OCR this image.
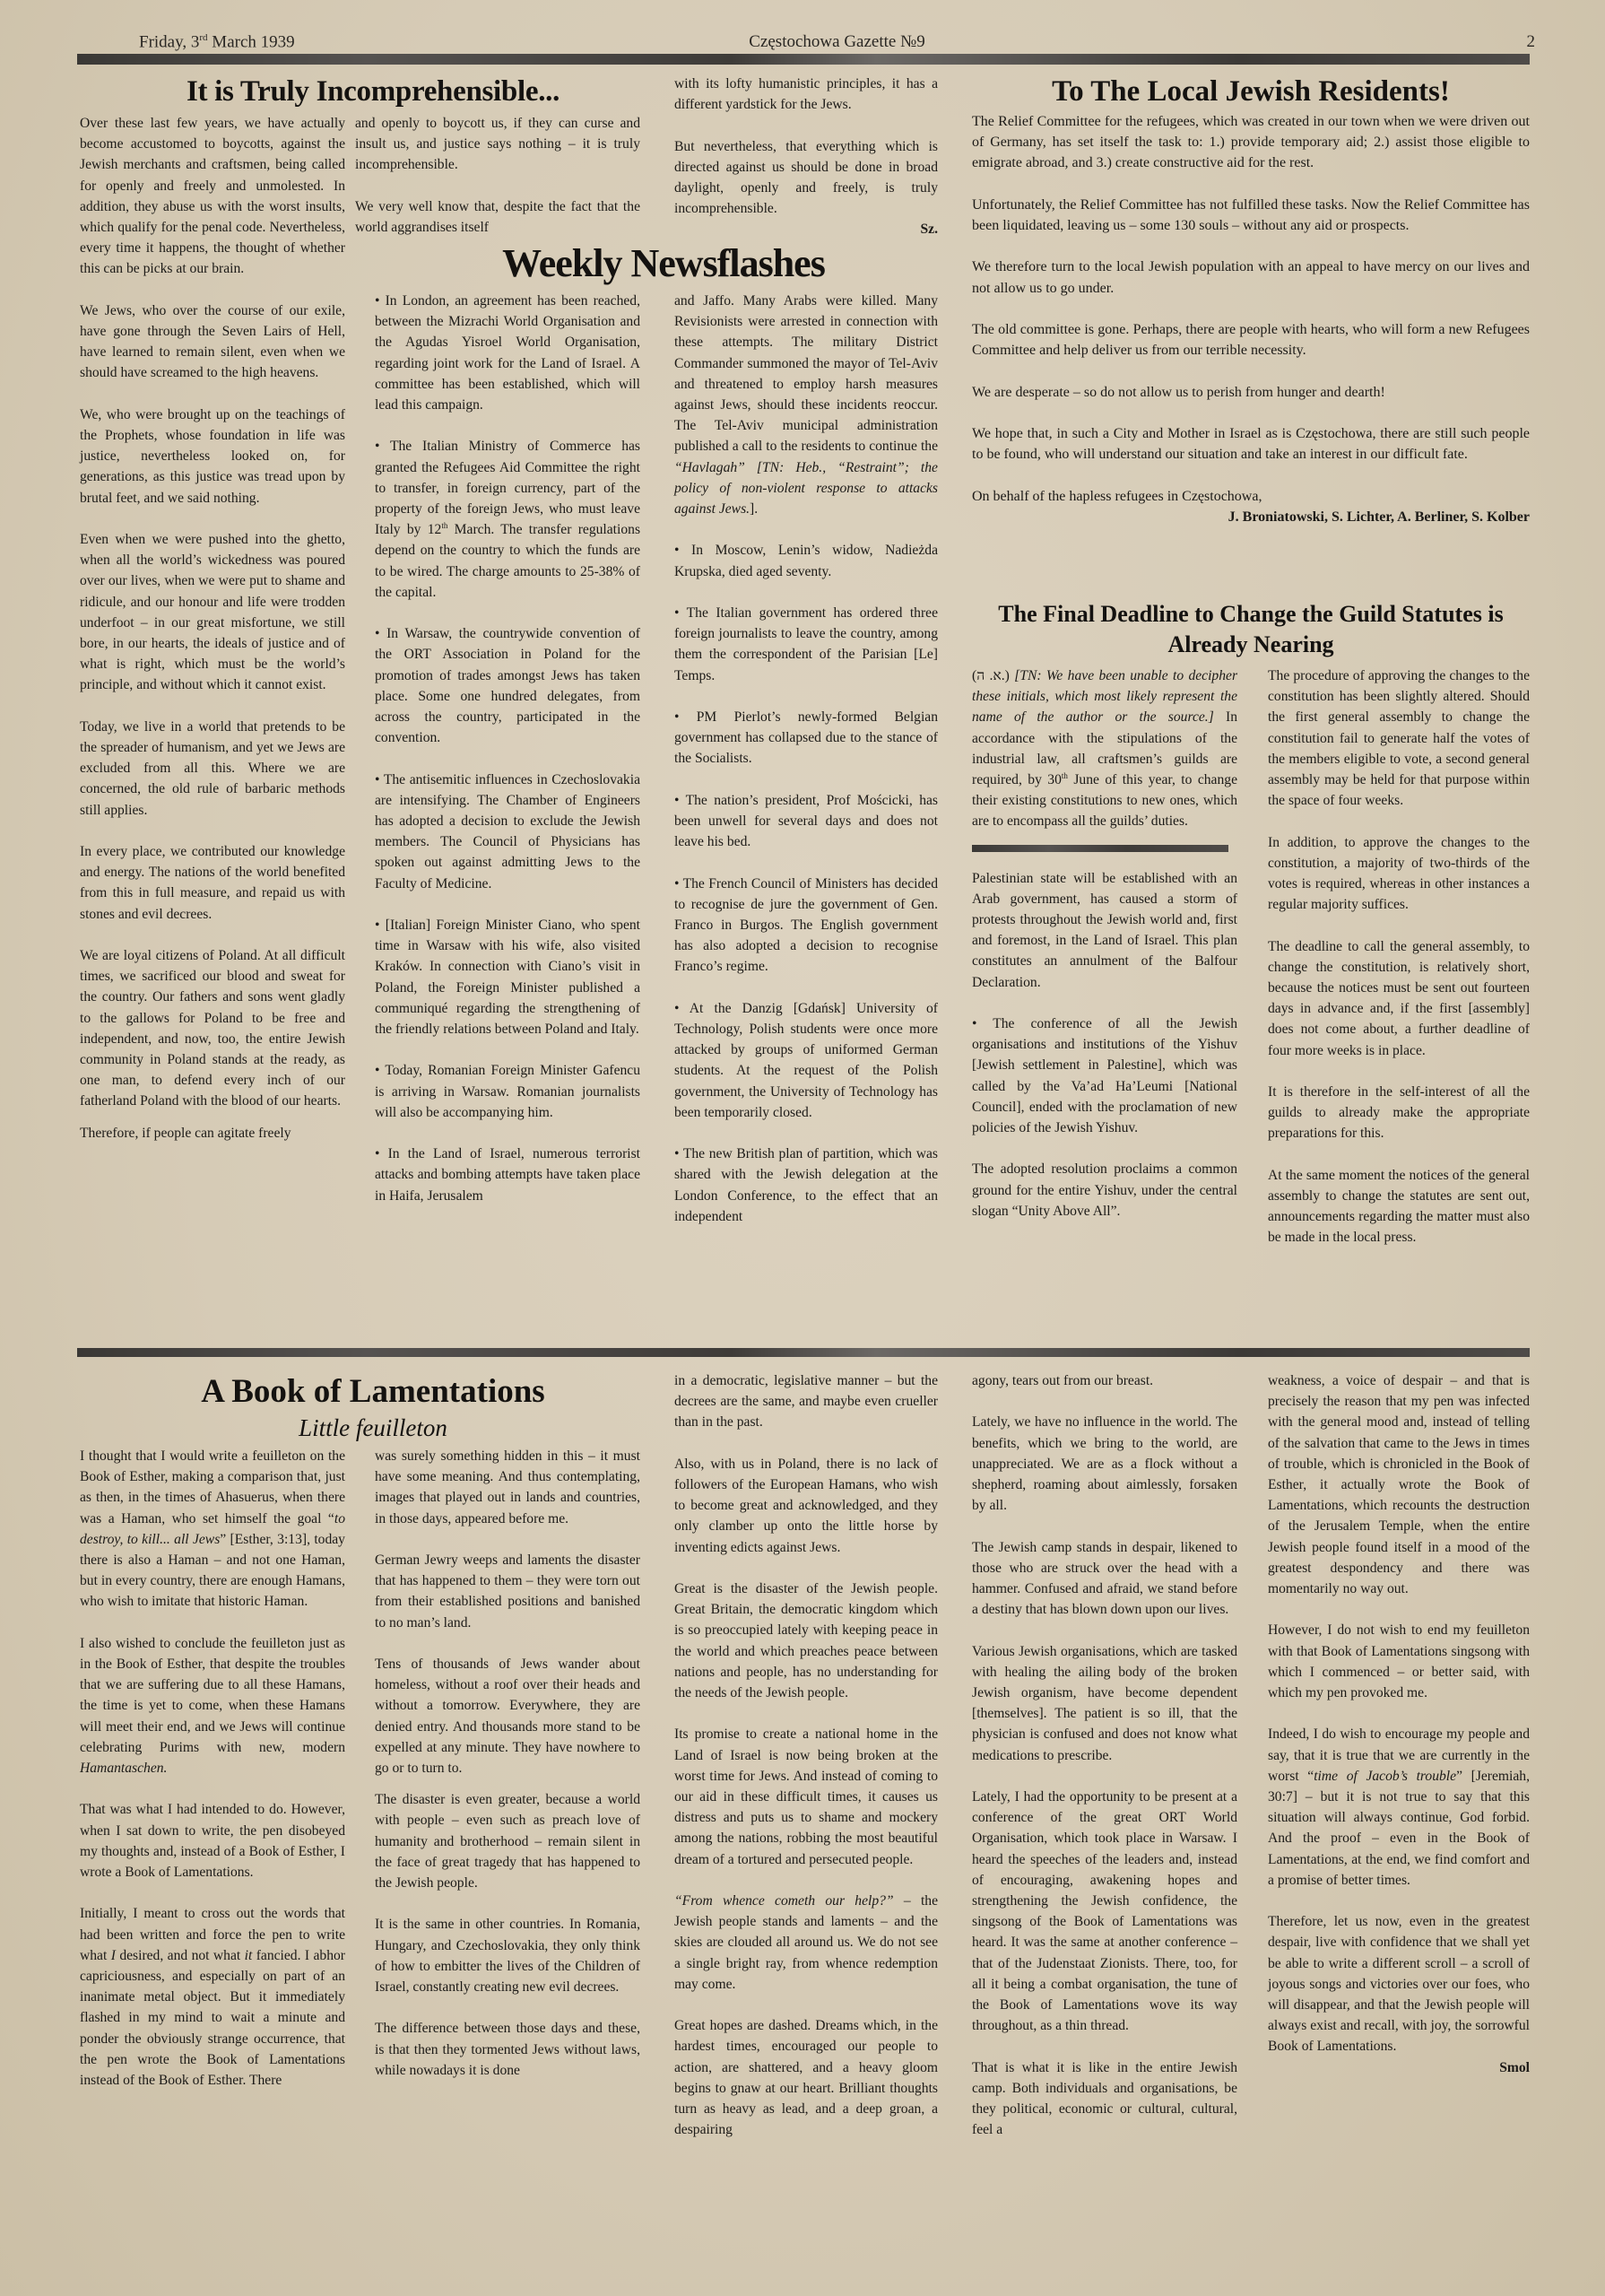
Friday, 3rd March 1939	Częstochowa Gazette №9	2
It is Truly Incomprehensible...

Over these last few years, we have actually become accustomed to boycotts, against the Jewish merchants and craftsmen, being called for openly and freely and unmolested. In addition, they abuse us with the worst insults, which qualify for the penal code. Nevertheless, every time it happens, the thought of whether this can be picks at our brain.

We Jews, who over the course of our exile, have gone through the Seven Lairs of Hell, have learned to remain silent, even when we should have screamed to the high heavens.

We, who were brought up on the teachings of the Prophets, whose foundation in life was justice, nevertheless looked on, for generations, as this justice was tread upon by brutal feet, and we said nothing.

Even when we were pushed into the ghetto, when all the world’s wickedness was poured over our lives, when we were put to shame and ridicule, and our honour and life were trodden underfoot – in our great misfortune, we still bore, in our hearts, the ideals of justice and of what is right, which must be the world’s principle, and without which it cannot exist.

Today, we live in a world that pretends to be the spreader of humanism, and yet we Jews are excluded from all this. Where we are concerned, the old rule of barbaric methods still applies.

In every place, we contributed our knowledge and energy. The nations of the world benefited from this in full measure, and repaid us with stones and evil decrees.

We are loyal citizens of Poland. At all difficult times, we sacrificed our blood and sweat for the country. Our fathers and sons went gladly to the gallows for Poland to be free and independent, and now, too, the entire Jewish community in Poland stands at the ready, as one man, to defend every inch of our fatherland Poland with the blood of our hearts.

Therefore, if people can agitate freely

and openly to boycott us, if they can curse and insult us, and justice says nothing – it is truly incomprehensible.

We very well know that, despite the fact that the world aggrandises itself

with its lofty humanistic principles, it has a different yardstick for the Jews.

But nevertheless, that everything which is directed against us should be done in broad daylight, openly and freely, is truly incomprehensible.

Sz.
Weekly Newsflashes

• In London, an agreement has been reached, between the Mizrachi World Organisation and the Agudas Yisroel World Organisation, regarding joint work for the Land of Israel. A committee has been established, which will lead this campaign.

• The Italian Ministry of Commerce has granted the Refugees Aid Committee the right to transfer, in foreign currency, part of the property of the foreign Jews, who must leave Italy by 12th March. The transfer regulations depend on the country to which the funds are to be wired. The charge amounts to 25-38% of the capital.

• In Warsaw, the countrywide convention of the ORT Association in Poland for the promotion of trades amongst Jews has taken place. Some one hundred delegates, from across the country, participated in the convention.

• The antisemitic influences in Czechoslovakia are intensifying. The Chamber of Engineers has adopted a decision to exclude the Jewish members. The Council of Physicians has spoken out against admitting Jews to the Faculty of Medicine.

• [Italian] Foreign Minister Ciano, who spent time in Warsaw with his wife, also visited Kraków. In connection with Ciano’s visit in Poland, the Foreign Minister published a communiqué regarding the strengthening of the friendly relations between Poland and Italy.

• Today, Romanian Foreign Minister Gafencu is arriving in Warsaw. Romanian journalists will also be accompanying him.

• In the Land of Israel, numerous terrorist attacks and bombing attempts have taken place in Haifa, Jerusalem

and Jaffo. Many Arabs were killed. Many Revisionists were arrested in connection with these attempts. The military District Commander summoned the mayor of Tel-Aviv and threatened to employ harsh measures against Jews, should these incidents reoccur. The Tel-Aviv municipal administration published a call to the residents to continue the “Havlagah” [TN: Heb., “Restraint”; the policy of non-violent response to attacks against Jews.].

• In Moscow, Lenin’s widow, Nadieżda Krupska, died aged seventy.

• The Italian government has ordered three foreign journalists to leave the country, among them the correspondent of the Parisian [Le] Temps.

• PM Pierlot’s newly-formed Belgian government has collapsed due to the stance of the Socialists.

• The nation’s president, Prof Mościcki, has been unwell for several days and does not leave his bed.

• The French Council of Ministers has decided to recognise de jure the government of Gen. Franco in Burgos. The English government has also adopted a decision to recognise Franco’s regime.

• At the Danzig [Gdańsk] University of Technology, Polish students were once more attacked by groups of uniformed German students. At the request of the Polish government, the University of Technology has been temporarily closed.

• The new British plan of partition, which was shared with the Jewish delegation at the London Conference, to the effect that an independent

To The Local Jewish Residents!

The Relief Committee for the refugees, which was created in our town when we were driven out of Germany, has set itself the task to: 1.) provide temporary aid; 2.) assist those eligible to emigrate abroad, and 3.) create constructive aid for the rest.

Unfortunately, the Relief Committee has not fulfilled these tasks. Now the Relief Committee has been liquidated, leaving us – some 130 souls – without any aid or prospects.

We therefore turn to the local Jewish population with an appeal to have mercy on our lives and not allow us to go under.

The old committee is gone. Perhaps, there are people with hearts, who will form a new Refugees Committee and help deliver us from our terrible necessity.

We are desperate – so do not allow us to perish from hunger and dearth!

We hope that, in such a City and Mother in Israel as is Częstochowa, there are still such people to be found, who will understand our situation and take an interest in our difficult fate.

On behalf of the hapless refugees in Częstochowa,

J. Broniatowski, S. Lichter, A. Berliner, S. Kolber
The Final Deadline to Change the Guild Statutes is
Already Nearing

(א. ה.) [TN: We have been unable to decipher these initials, which most likely represent the name of the author or the source.] In accordance with the stipulations of the industrial law, all craftsmen’s guilds are required, by 30th June of this year, to change their existing constitutions to new ones, which are to encompass all the guilds’ duties.

Palestinian state will be established with an Arab government, has caused a storm of protests throughout the Jewish world and, first and foremost, in the Land of Israel. This plan constitutes an annulment of the Balfour Declaration.

• The conference of all the Jewish organisations and institutions of the Yishuv [Jewish settlement in Palestine], which was called by the Va’ad Ha’Leumi [National Council], ended with the proclamation of new policies of the Jewish Yishuv.

The adopted resolution proclaims a common ground for the entire Yishuv, under the central slogan “Unity Above All”.

The procedure of approving the changes to the constitution has been slightly altered. Should the first general assembly to change the constitution fail to generate half the votes of the members eligible to vote, a second general assembly may be held for that purpose within the space of four weeks.

In addition, to approve the changes to the constitution, a majority of two-thirds of the votes is required, whereas in other instances a regular majority suffices.

The deadline to call the general assembly, to change the constitution, is relatively short, because the notices must be sent out fourteen days in advance and, if the first [assembly] does not come about, a further deadline of four more weeks is in place.

It is therefore in the self-interest of all the guilds to already make the appropriate preparations for this.

At the same moment the notices of the general assembly to change the statutes are sent out, announcements regarding the matter must also be made in the local press.

A Book of Lamentations
Little feuilleton

I thought that I would write a feuilleton on the Book of Esther, making a comparison that, just as then, in the times of Ahasuerus, when there was a Haman, who set himself the goal “to destroy, to kill... all Jews” [Esther, 3:13], today there is also a Haman – and not one Haman, but in every country, there are enough Hamans, who wish to imitate that historic Haman.

I also wished to conclude the feuilleton just as in the Book of Esther, that despite the troubles that we are suffering due to all these Hamans, the time is yet to come, when these Hamans will meet their end, and we Jews will continue celebrating Purims with new, modern Hamantaschen.

That was what I had intended to do. However, when I sat down to write, the pen disobeyed my thoughts and, instead of a Book of Esther, I wrote a Book of Lamentations.

Initially, I meant to cross out the words that had been written and force the pen to write what I desired, and not what it fancied. I abhor capriciousness, and especially on part of an inanimate metal object. But it immediately flashed in my mind to wait a minute and ponder the obviously strange occurrence, that the pen wrote the Book of Lamentations instead of the Book of Esther. There

was surely something hidden in this – it must have some meaning. And thus contemplating, images that played out in lands and countries, in those days, appeared before me.

German Jewry weeps and laments the disaster that has happened to them – they were torn out from their established positions and banished to no man’s land.

Tens of thousands of Jews wander about homeless, without a roof over their heads and without a tomorrow. Everywhere, they are denied entry. And thousands more stand to be expelled at any minute. They have nowhere to go or to turn to.

The disaster is even greater, because a world with people – even such as preach love of humanity and brotherhood – remain silent in the face of great tragedy that has happened to the Jewish people.

It is the same in other countries. In Romania, Hungary, and Czechoslovakia, they only think of how to embitter the lives of the Children of Israel, constantly creating new evil decrees.

The difference between those days and these, is that then they tormented Jews without laws, while nowadays it is done

in a democratic, legislative manner – but the decrees are the same, and maybe even crueller than in the past.

Also, with us in Poland, there is no lack of followers of the European Hamans, who wish to become great and acknowledged, and they only clamber up onto the little horse by inventing edicts against Jews.

Great is the disaster of the Jewish people. Great Britain, the democratic kingdom which is so preoccupied lately with keeping peace in the world and which preaches peace between nations and people, has no understanding for the needs of the Jewish people.

Its promise to create a national home in the Land of Israel is now being broken at the worst time for Jews. And instead of coming to our aid in these difficult times, it causes us distress and puts us to shame and mockery among the nations, robbing the most beautiful dream of a tortured and persecuted people.

“From whence cometh our help?” – the Jewish people stands and laments – and the skies are clouded all around us. We do not see a single bright ray, from whence redemption may come.

Great hopes are dashed. Dreams which, in the hardest times, encouraged our people to action, are shattered, and a heavy gloom begins to gnaw at our heart. Brilliant thoughts turn as heavy as lead, and a deep groan, a despairing

agony, tears out from our breast.

Lately, we have no influence in the world. The benefits, which we bring to the world, are unappreciated. We are as a flock without a shepherd, roaming about aimlessly, forsaken by all.

The Jewish camp stands in despair, likened to those who are struck over the head with a hammer. Confused and afraid, we stand before a destiny that has blown down upon our lives.

Various Jewish organisations, which are tasked with healing the ailing body of the broken Jewish organism, have become dependent [themselves]. The patient is so ill, that the physician is confused and does not know what medications to prescribe.

Lately, I had the opportunity to be present at a conference of the great ORT World Organisation, which took place in Warsaw. I heard the speeches of the leaders and, instead of encouraging, awakening hopes and strengthening the Jewish confidence, the singsong of the Book of Lamentations was heard. It was the same at another conference – that of the Judenstaat Zionists. There, too, for all it being a combat organisation, the tune of the Book of Lamentations wove its way throughout, as a thin thread.

That is what it is like in the entire Jewish camp. Both individuals and organisations, be they political, economic or cultural, cultural, feel a

weakness, a voice of despair – and that is precisely the reason that my pen was infected with the general mood and, instead of telling of the salvation that came to the Jews in times of trouble, which is chronicled in the Book of Esther, it actually wrote the Book of Lamentations, which recounts the destruction of the Jerusalem Temple, when the entire Jewish people found itself in a mood of the greatest despondency and there was momentarily no way out.

However, I do not wish to end my feuilleton with that Book of Lamentations singsong with which I commenced – or better said, with which my pen provoked me.

Indeed, I do wish to encourage my people and say, that it is true that we are currently in the worst “time of Jacob’s trouble” [Jeremiah, 30:7] – but it is not true to say that this situation will always continue, God forbid. And the proof – even in the Book of Lamentations, at the end, we find comfort and a promise of better times.

Therefore, let us now, even in the greatest despair, live with confidence that we shall yet be able to write a different scroll – a scroll of joyous songs and victories over our foes, who will disappear, and that the Jewish people will always exist and recall, with joy, the sorrowful Book of Lamentations.

Smol
